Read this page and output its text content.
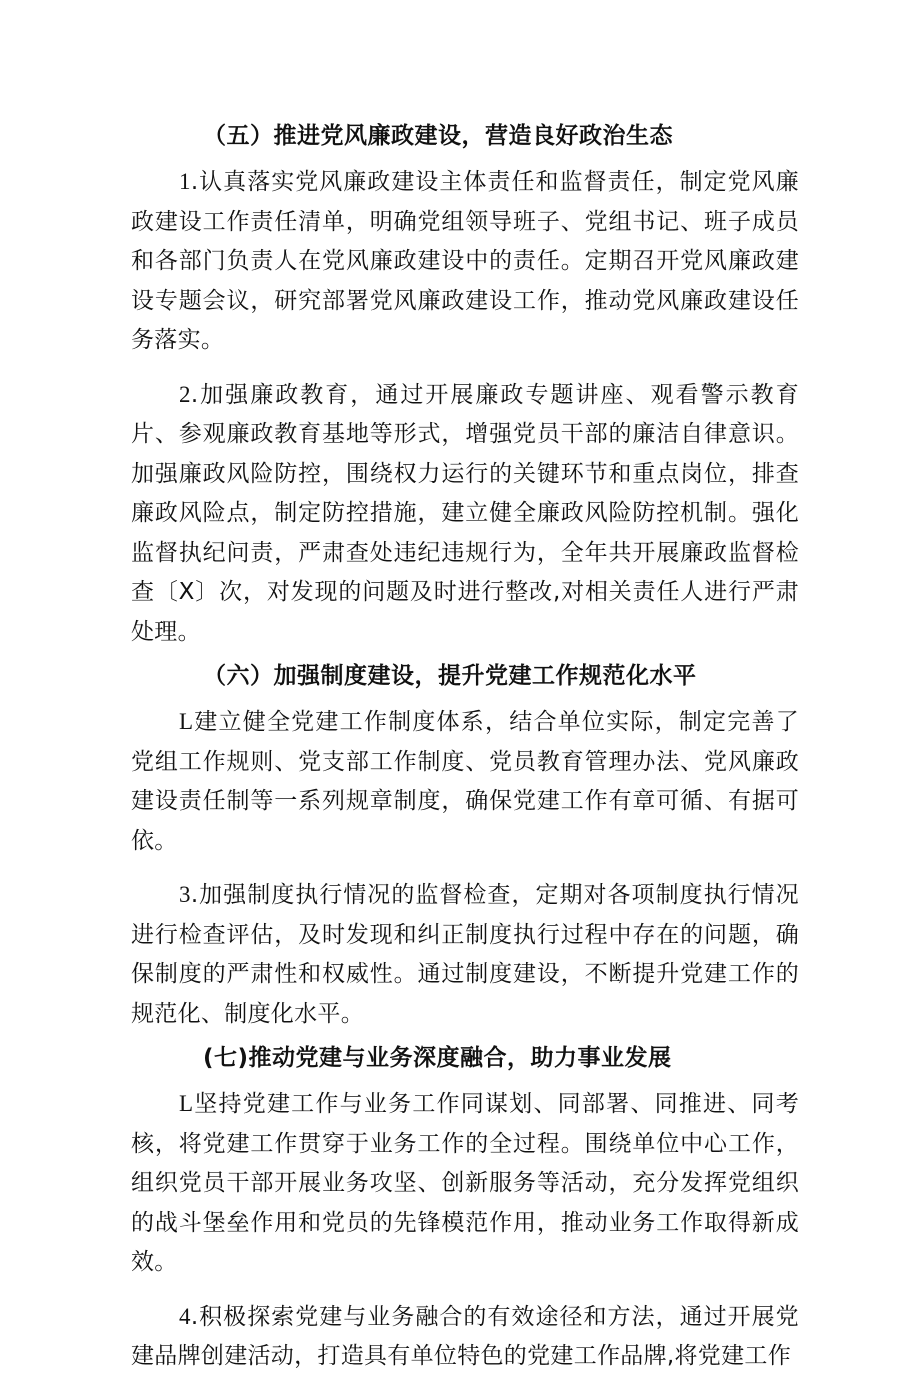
（五）推进党风廉政建设，营造良好政治生态

1.认真落实党风廉政建设主体责任和监督责任，制定党风廉政建设工作责任清单，明确党组领导班子、党组书记、班子成员和各部门负责人在党风廉政建设中的责任。定期召开党风廉政建设专题会议，研究部署党风廉政建设工作，推动党风廉政建设任务落实。

2.加强廉政教育，通过开展廉政专题讲座、观看警示教育片、参观廉政教育基地等形式，增强党员干部的廉洁自律意识。加强廉政风险防控，围绕权力运行的关键环节和重点岗位，排查廉政风险点，制定防控措施，建立健全廉政风险防控机制。强化监督执纪问责，严肃查处违纪违规行为，全年共开展廉政监督检查〔X〕次，对发现的问题及时进行整改,对相关责任人进行严肃处理。

（六）加强制度建设，提升党建工作规范化水平

L建立健全党建工作制度体系，结合单位实际，制定完善了党组工作规则、党支部工作制度、党员教育管理办法、党风廉政建设责任制等一系列规章制度，确保党建工作有章可循、有据可依。

3.加强制度执行情况的监督检查，定期对各项制度执行情况进行检查评估，及时发现和纠正制度执行过程中存在的问题，确保制度的严肃性和权威性。通过制度建设，不断提升党建工作的规范化、制度化水平。

(七)推动党建与业务深度融合，助力事业发展

L坚持党建工作与业务工作同谋划、同部署、同推进、同考核，将党建工作贯穿于业务工作的全过程。围绕单位中心工作，组织党员干部开展业务攻坚、创新服务等活动，充分发挥党组织的战斗堡垒作用和党员的先锋模范作用，推动业务工作取得新成效。

4.积极探索党建与业务融合的有效途径和方法，通过开展党建品牌创建活动，打造具有单位特色的党建工作品牌,将党建工作
